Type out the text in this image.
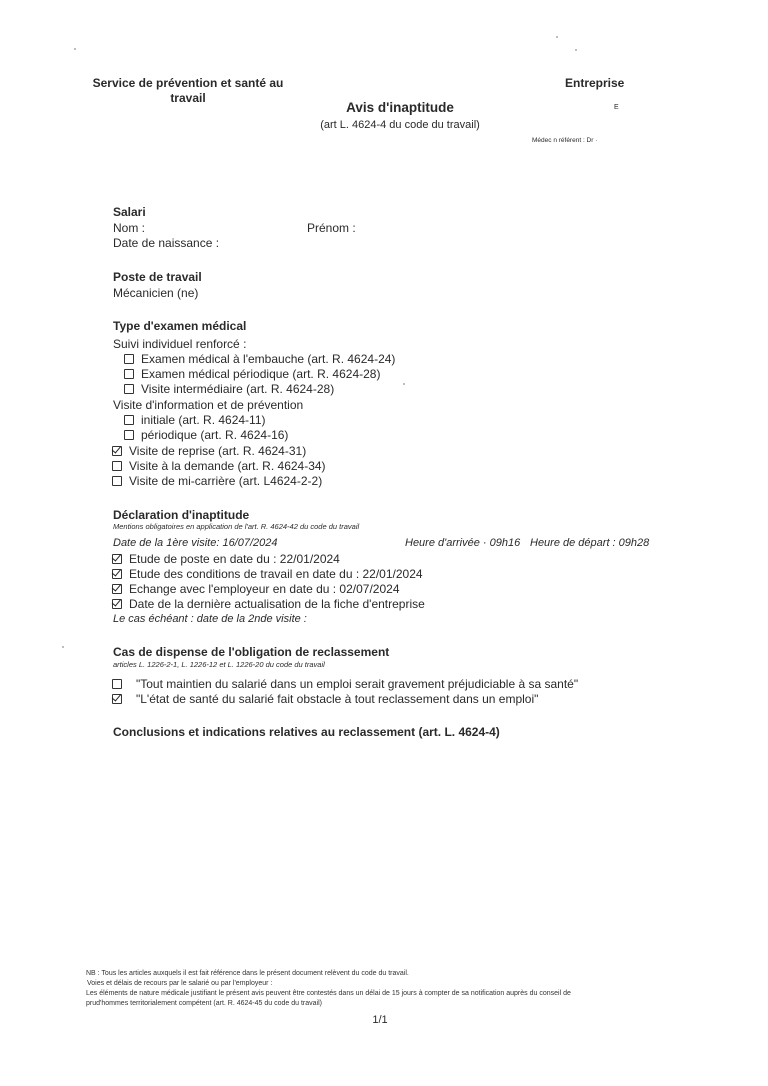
Service de prévention et santé au travail
Entreprise
E
Avis d'inaptitude
(art L. 4624-4 du code du travail)
Médec n référent : Dr ·
Salari
Nom :	Prénom :
Date de naissance :
Poste de travail
Mécanicien (ne)
Type d'examen médical
Suivi individuel renforcé :
Examen médical à l'embauche (art. R. 4624-24)
Examen médical périodique (art. R. 4624-28)
Visite intermédiaire (art. R. 4624-28)
Visite d'information et de prévention
initiale (art. R. 4624-11)
périodique (art. R. 4624-16)
Visite de reprise (art. R. 4624-31)
Visite à la demande (art. R. 4624-34)
Visite de mi-carrière (art. L4624-2-2)
Déclaration d'inaptitude
Mentions obligatoires en application de l'art. R. 4624-42 du code du travail
Date de la 1ère visite: 16/07/2024	Heure d'arrivée · 09h16 Heure de départ : 09h28
Etude de poste en date du : 22/01/2024
Etude des conditions de travail en date du : 22/01/2024
Echange avec l'employeur en date du : 02/07/2024
Date de la dernière actualisation de la fiche d'entreprise
Le cas échéant : date de la 2nde visite :
Cas de dispense de l'obligation de reclassement
articles L. 1226-2-1, L. 1226-12 et L. 1226-20 du code du travail
"Tout maintien du salarié dans un emploi serait gravement préjudiciable à sa santé"
"L'état de santé du salarié fait obstacle à tout reclassement dans un emploi"
Conclusions et indications relatives au reclassement (art. L. 4624-4)
NB : Tous les articles auxquels il est fait référence dans le présent document relèvent du code du travail.
Voies et délais de recours par le salarié ou par l'employeur :
Les éléments de nature médicale justifiant le présent avis peuvent être contestés dans un délai de 15 jours à compter de sa notification auprès du conseil de
prud'hommes territorialement compétent (art. R. 4624-45 du code du travail)
1/1
